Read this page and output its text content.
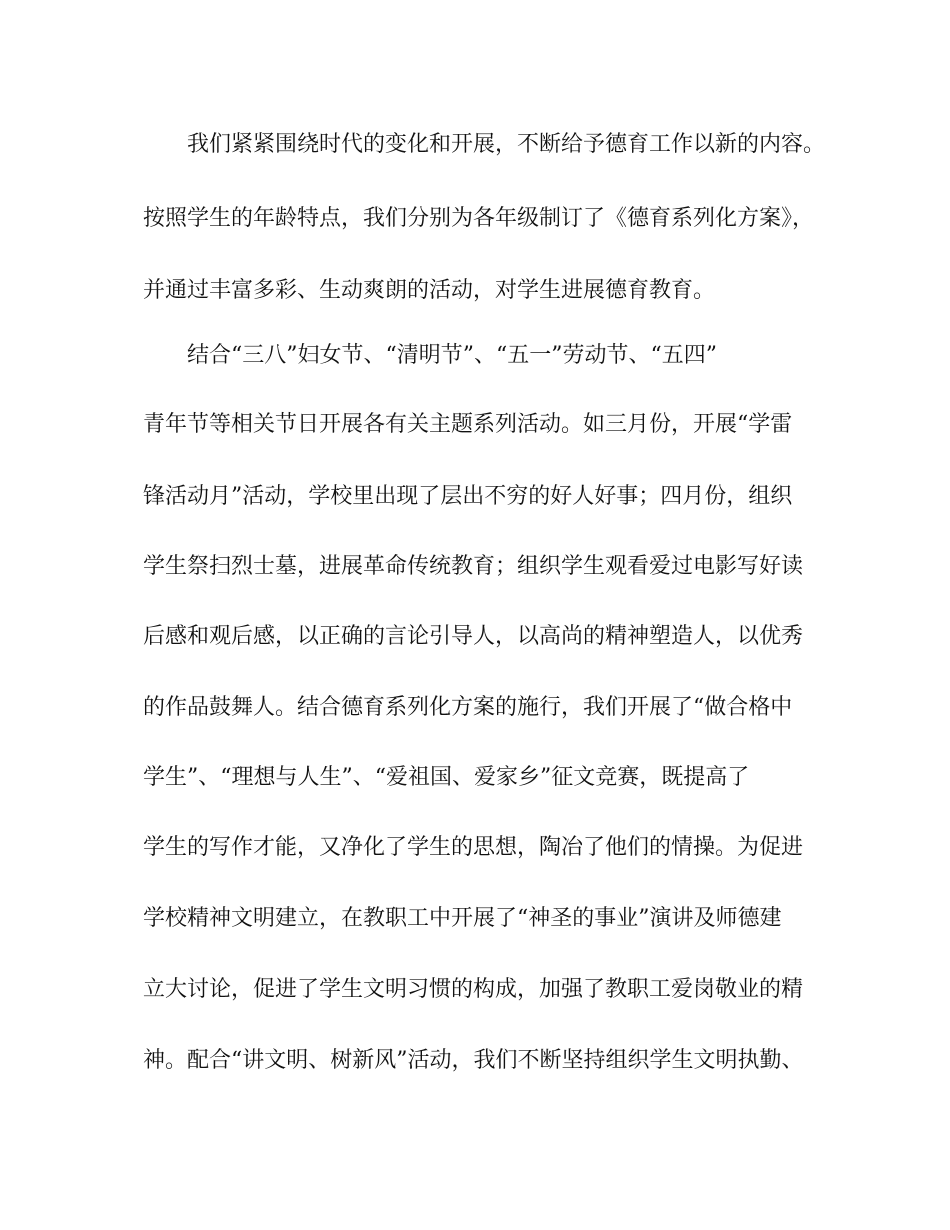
我们紧紧围绕时代的变化和开展，不断给予德育工作以新的内容。
按照学生的年龄特点，我们分别为各年级制订了《德育系列化方案》，
并通过丰富多彩、生动爽朗的活动，对学生进展德育教育。
结合“三八”妇女节、“清明节”、“五一”劳动节、“五四”
青年节等相关节日开展各有关主题系列活动。如三月份，开展“学雷
锋活动月”活动，学校里出现了层出不穷的好人好事；四月份，组织
学生祭扫烈士墓，进展革命传统教育；组织学生观看爱过电影写好读
后感和观后感，以正确的言论引导人，以高尚的精神塑造人，以优秀
的作品鼓舞人。结合德育系列化方案的施行，我们开展了“做合格中
学生”、“理想与人生”、“爱祖国、爱家乡”征文竞赛，既提高了
学生的写作才能，又净化了学生的思想，陶冶了他们的情操。为促进
学校精神文明建立，在教职工中开展了“神圣的事业”演讲及师德建
立大讨论，促进了学生文明习惯的构成，加强了教职工爱岗敬业的精
神。配合“讲文明、树新风”活动，我们不断坚持组织学生文明执勤、
